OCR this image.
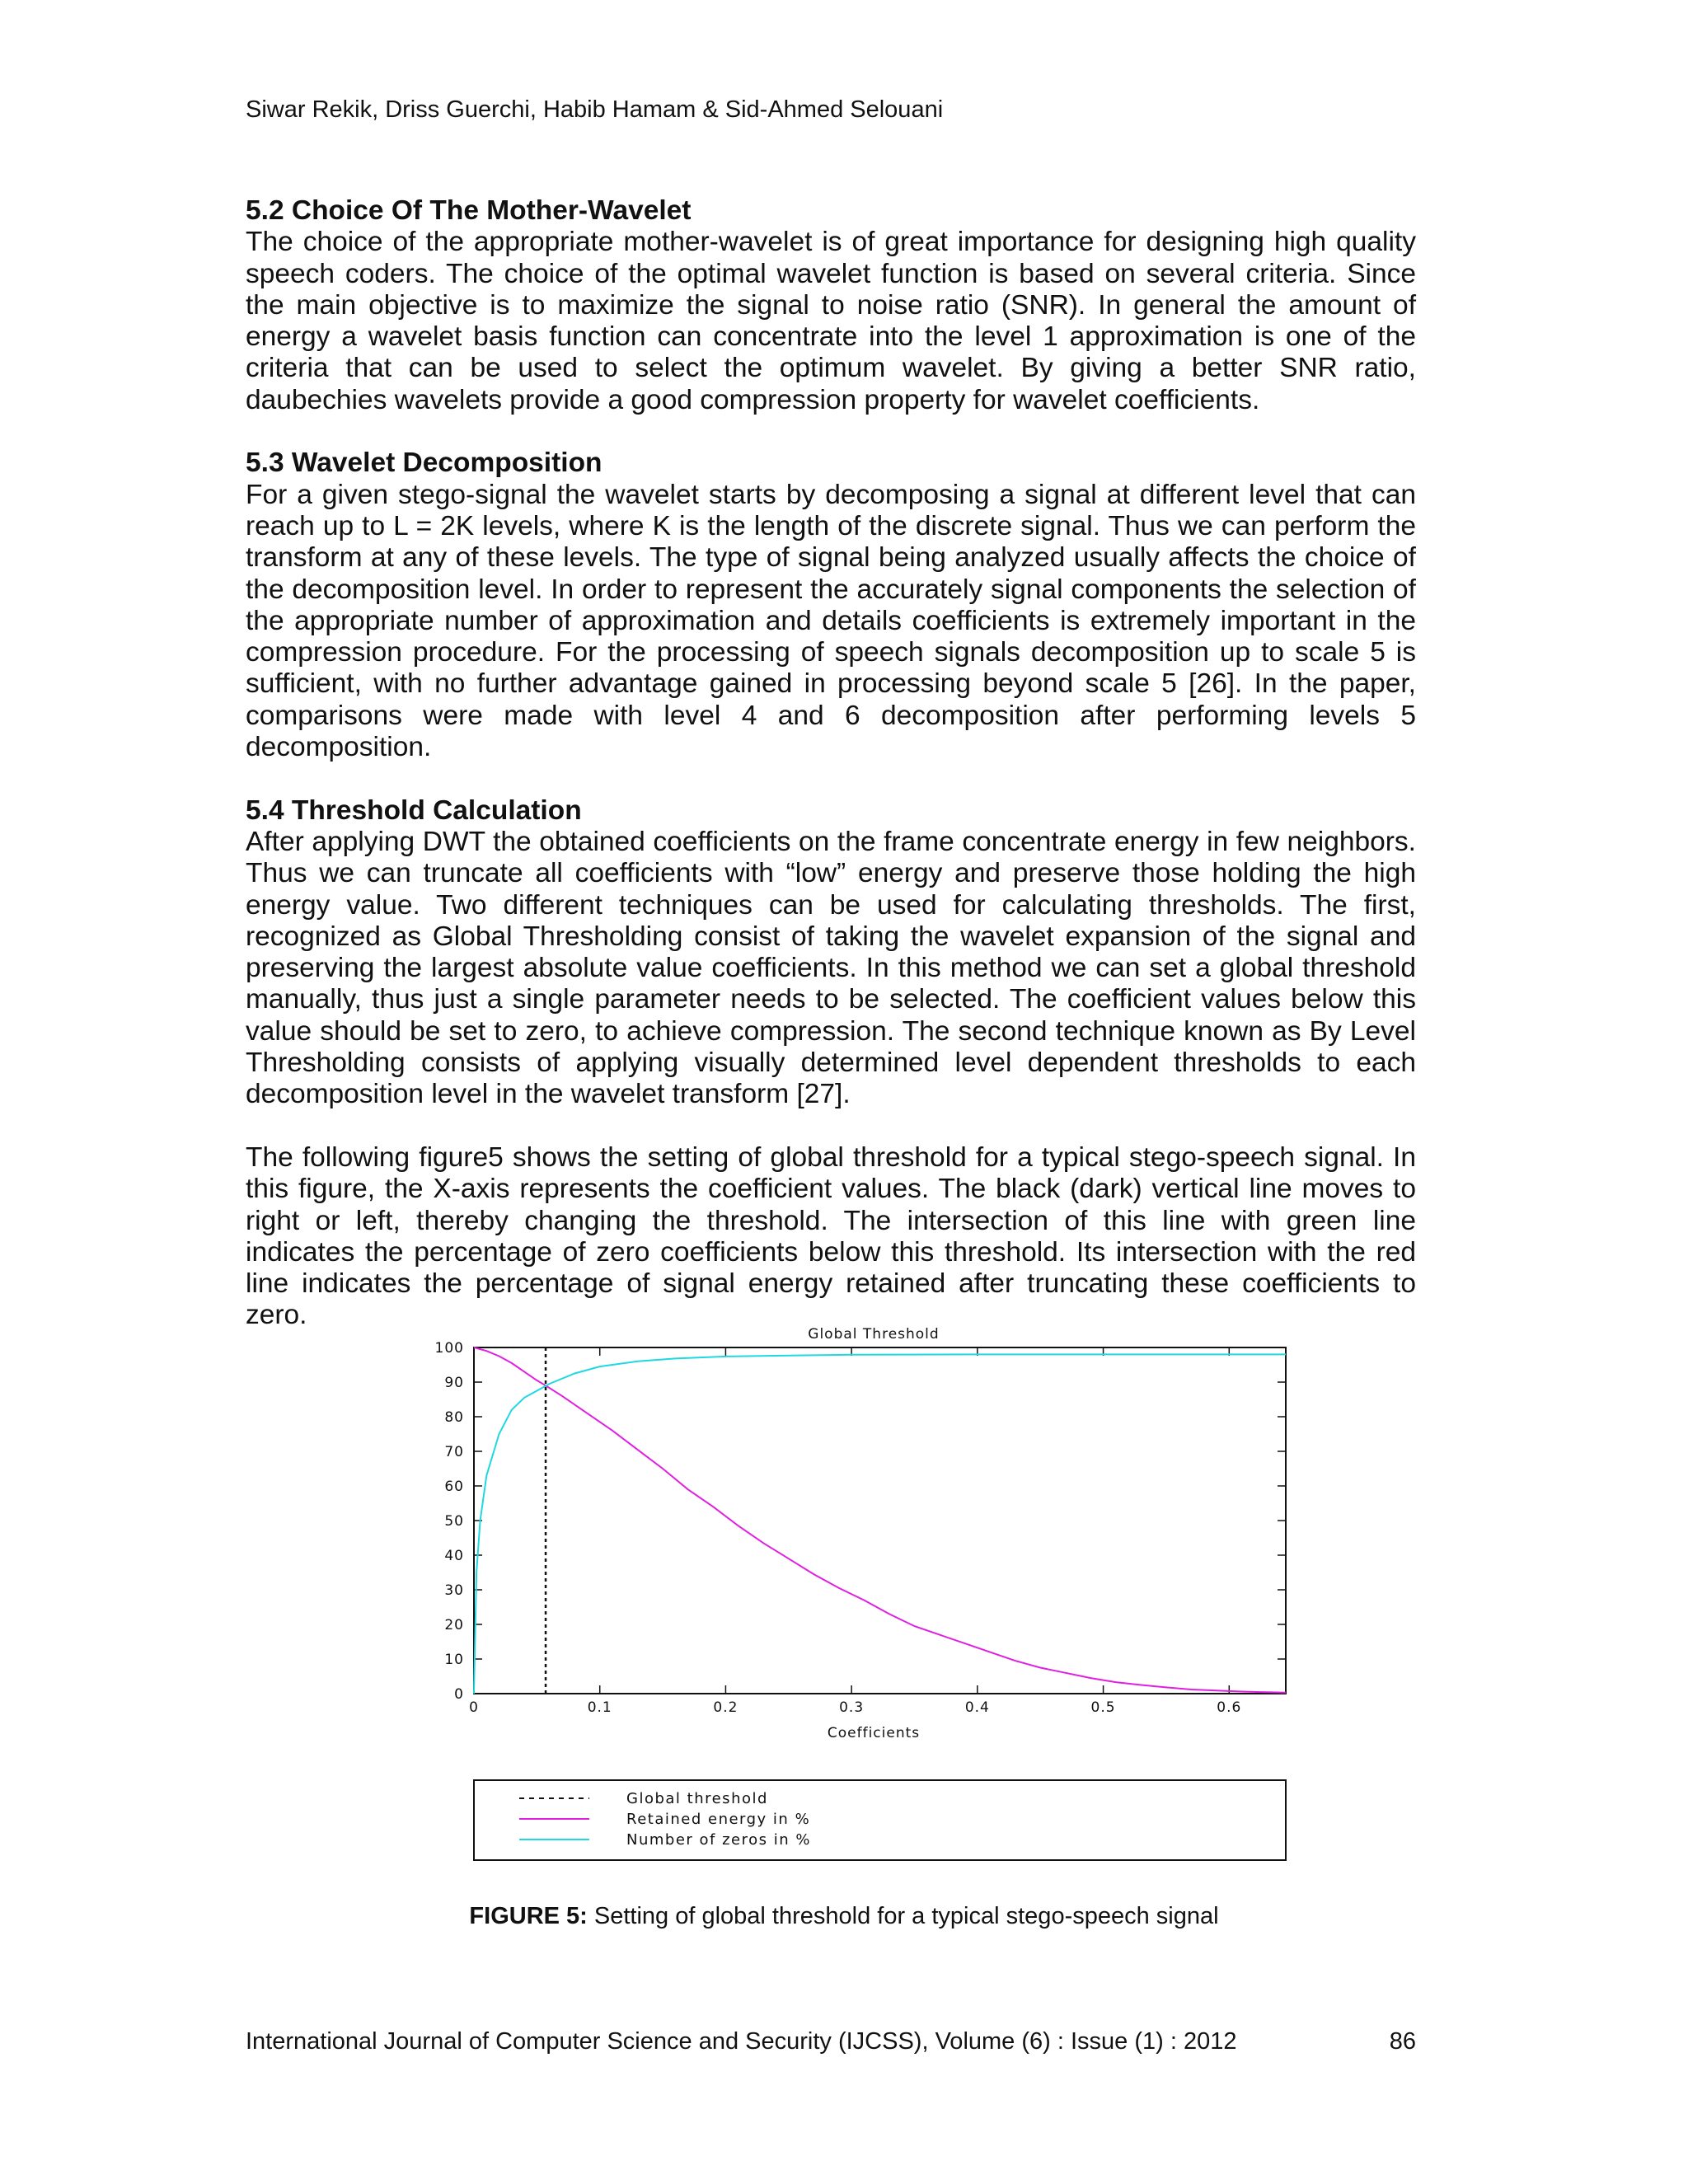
Siwar Rekik, Driss Guerchi, Habib Hamam & Sid-Ahmed Selouani

5.2 Choice Of The Mother-Wavelet

The choice of the appropriate mother-wavelet is of great importance for designing high quality speech coders. The choice of the optimal wavelet function is based on several criteria. Since the main objective is to maximize the signal to noise ratio (SNR). In general the amount of energy a wavelet basis function can concentrate into the level 1 approximation is one of the criteria that can be used to select the optimum wavelet. By giving a better SNR ratio, daubechies wavelets provide a good compression property for wavelet coefficients.

5.3 Wavelet Decomposition

For a given stego-signal the wavelet starts by decomposing a signal at different level that can reach up to L = 2K levels, where K is the length of the discrete signal. Thus we can perform the transform at any of these levels. The type of signal being analyzed usually affects the choice of the decomposition level. In order to represent the accurately signal components the selection of the appropriate number of approximation and details coefficients is extremely important in the compression procedure. For the processing of speech signals decomposition up to scale 5 is sufficient, with no further advantage gained in processing beyond scale 5 [26]. In the paper, comparisons were made with level 4 and 6 decomposition after performing levels 5 decomposition.

5.4 Threshold Calculation

After applying DWT the obtained coefficients on the frame concentrate energy in few neighbors. Thus we can truncate all coefficients with “low” energy and preserve those holding the high energy value. Two different techniques can be used for calculating thresholds. The first, recognized as Global Thresholding consist of taking the wavelet expansion of the signal and preserving the largest absolute value coefficients. In this method we can set a global threshold manually, thus just a single parameter needs to be selected. The coefficient values below this value should be set to zero, to achieve compression. The second technique known as By Level Thresholding consists of applying visually determined level dependent thresholds to each decomposition level in the wavelet transform [27].

The following figure5 shows the setting of global threshold for a typical stego-speech signal. In this figure, the X-axis represents the coefficient values. The black (dark) vertical line moves to right or left, thereby changing the threshold. The intersection of this line with green line indicates the percentage of zero coefficients below this threshold. Its intersection with the red line indicates the percentage of signal energy retained after truncating these coefficients to zero.

Global Threshold
0
10
20
30
40
50
60
70
80
90
100
0	0.1	0.2	0.3	0.4	0.5	0.6
Coefficients
Global threshold
Retained energy in %
Number of zeros in %
FIGURE 5: Setting of global threshold for a typical stego-speech signal
International Journal of Computer Science and Security (IJCSS), Volume (6) : Issue (1) : 2012	86
